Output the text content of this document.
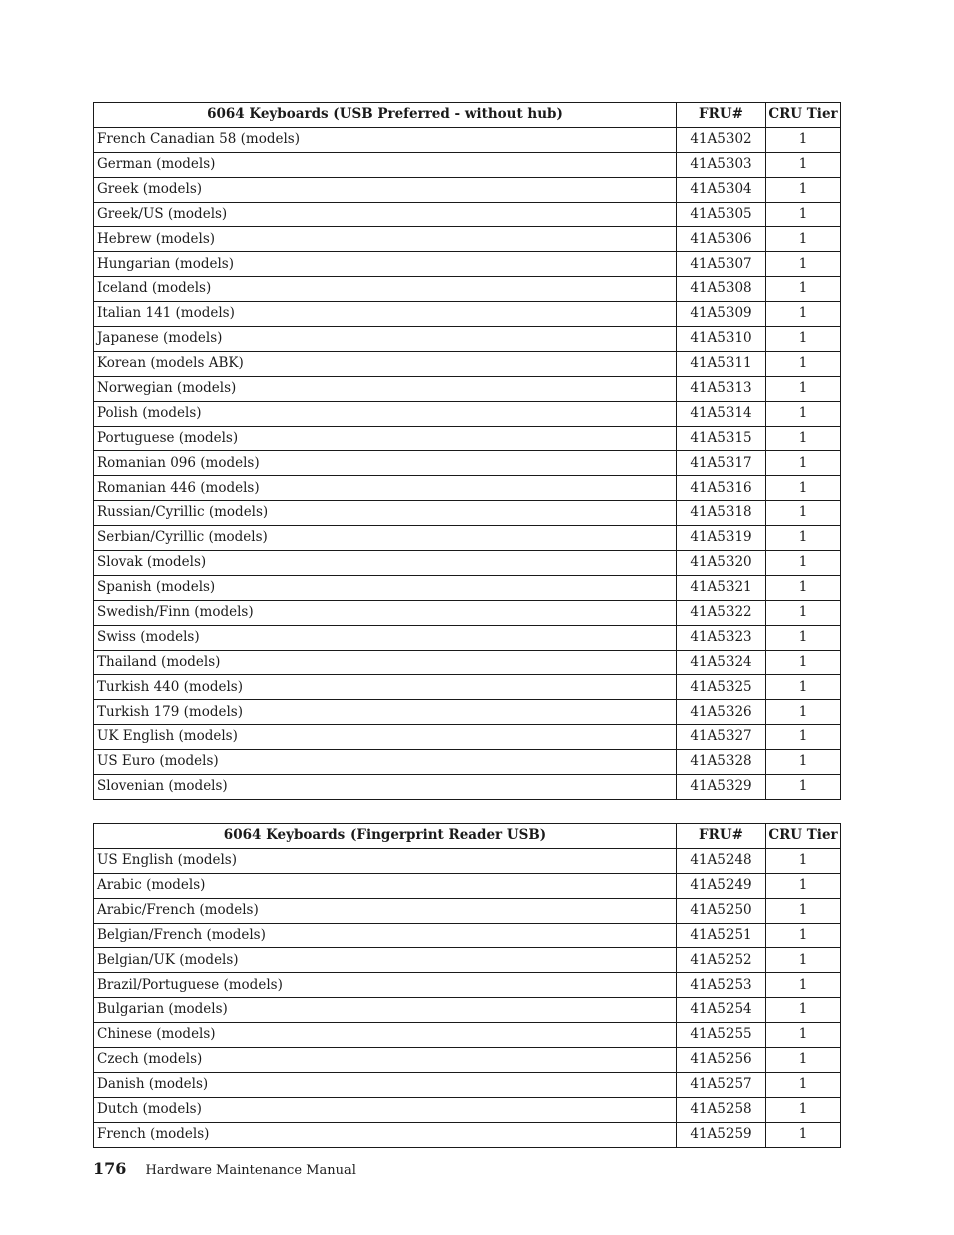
6064 Keyboards (USB Preferred - without hub)	FRU#	CRU Tier
French Canadian 58 (models)	41A5302	1
German (models)	41A5303	1
Greek (models)	41A5304	1
Greek/US (models)	41A5305	1
Hebrew (models)	41A5306	1
Hungarian (models)	41A5307	1
Iceland (models)	41A5308	1
Italian 141 (models)	41A5309	1
Japanese (models)	41A5310	1
Korean (models ABK)	41A5311	1
Norwegian (models)	41A5313	1
Polish (models)	41A5314	1
Portuguese (models)	41A5315	1
Romanian 096 (models)	41A5317	1
Romanian 446 (models)	41A5316	1
Russian/Cyrillic (models)	41A5318	1
Serbian/Cyrillic (models)	41A5319	1
Slovak (models)	41A5320	1
Spanish (models)	41A5321	1
Swedish/Finn (models)	41A5322	1
Swiss (models)	41A5323	1
Thailand (models)	41A5324	1
Turkish 440 (models)	41A5325	1
Turkish 179 (models)	41A5326	1
UK English (models)	41A5327	1
US Euro (models)	41A5328	1
Slovenian (models)	41A5329	1
6064 Keyboards (Fingerprint Reader USB)	FRU#	CRU Tier
US English (models)	41A5248	1
Arabic (models)	41A5249	1
Arabic/French (models)	41A5250	1
Belgian/French (models)	41A5251	1
Belgian/UK (models)	41A5252	1
Brazil/Portuguese (models)	41A5253	1
Bulgarian (models)	41A5254	1
Chinese (models)	41A5255	1
Czech (models)	41A5256	1
Danish (models)	41A5257	1
Dutch (models)	41A5258	1
French (models)	41A5259	1
176 Hardware Maintenance Manual
